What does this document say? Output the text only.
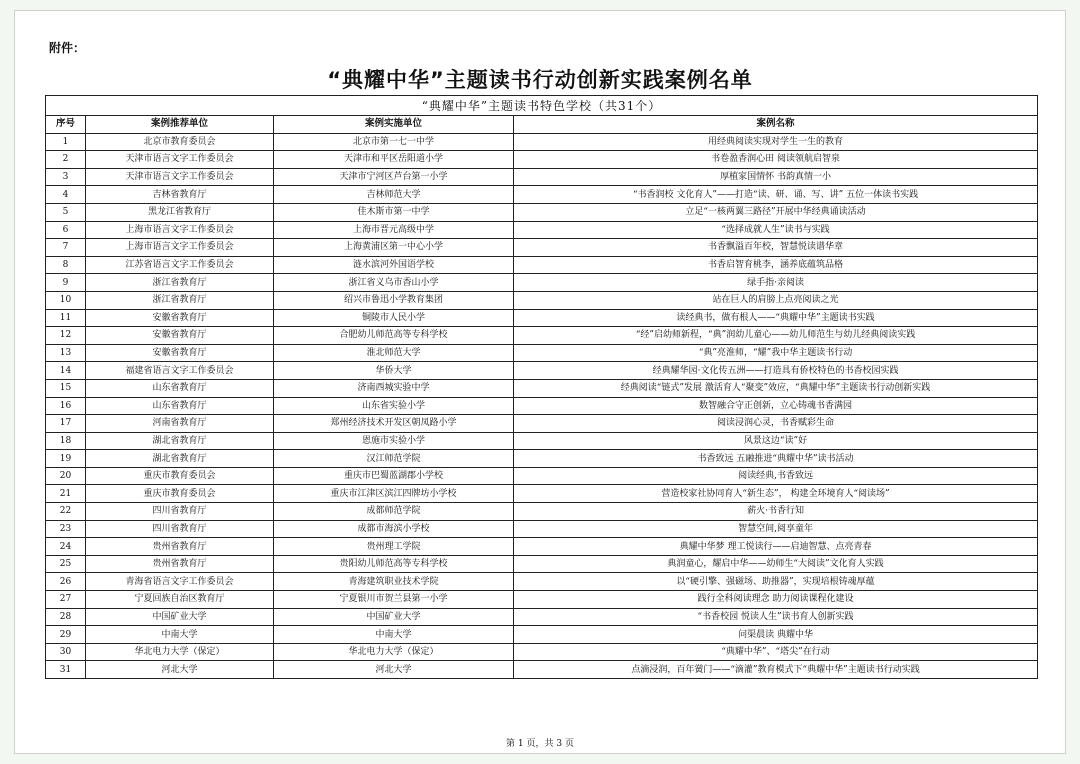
附件：
“典耀中华”主题读书行动创新实践案例名单
“典耀中华”主题读书特色学校（共31个）			
序号	案例推荐单位	案例实施单位	案例名称
1	北京市教育委员会	北京市第一七一中学	用经典阅读实现对学生一生的教育
2	天津市语言文字工作委员会	天津市和平区岳阳道小学	书卷盈香润心田 阅读领航启智泉
3	天津市语言文字工作委员会	天津市宁河区芦台第一小学	厚植家国情怀 书韵真情一小
4	吉林省教育厅	吉林师范大学	“书香润校 文化育人”——打造“读、研、诵、写、讲” 五位一体读书实践
5	黑龙江省教育厅	佳木斯市第一中学	立足“一核两翼三路径”开展中华经典诵读活动
6	上海市语言文字工作委员会	上海市晋元高级中学	“选择成就人生”读书与实践
7	上海市语言文字工作委员会	上海黄浦区第一中心小学	书香飘溢百年校，智慧悦读谱华章
8	江苏省语言文字工作委员会	涟水滨河外国语学校	书香启智育桃李，涵养底蕴筑品格
9	浙江省教育厅	浙江省义乌市香山小学	绿手指·亲阅读
10	浙江省教育厅	绍兴市鲁迅小学教育集团	站在巨人的肩膀上点亮阅读之光
11	安徽省教育厅	铜陵市人民小学	读经典书，做有根人——“典耀中华”主题读书实践
12	安徽省教育厅	合肥幼儿师范高等专科学校	“经”启幼师新程，“典”润幼儿童心——幼儿师范生与幼儿经典阅读实践
13	安徽省教育厅	淮北师范大学	“典”亮淮师，“耀”我中华主题读书行动
14	福建省语言文字工作委员会	华侨大学	经典耀华园·文化传五洲——打造具有侨校特色的书香校园实践
15	山东省教育厅	济南西城实验中学	经典阅读“链式”发展 激活育人“聚变”效应，“典耀中华”主题读书行动创新实践
16	山东省教育厅	山东省实验小学	数智融合守正创新，立心铸魂书香满园
17	河南省教育厅	郑州经济技术开发区朝凤路小学	阅读浸润心灵，书香赋彩生命
18	湖北省教育厅	恩施市实验小学	风景这边“读”好
19	湖北省教育厅	汉江师范学院	书香致远 五融推进“典耀中华”读书活动
20	重庆市教育委员会	重庆市巴蜀蓝湖郡小学校	阅读经典,书香致远
21	重庆市教育委员会	重庆市江津区滨江四牌坊小学校	营造校家社协同育人“新生态”， 构建全环境育人“阅读场”
22	四川省教育厅	成都师范学院	薪火·书香行知
23	四川省教育厅	成都市海滨小学校	智慧空间,阅享童年
24	贵州省教育厅	贵州理工学院	典耀中华梦 理工悦读行——启迪智慧、点亮青春
25	贵州省教育厅	贵阳幼儿师范高等专科学校	典润童心，耀启中华——幼师生“大阅读”文化育人实践
26	青海省语言文字工作委员会	青海建筑职业技术学院	以“硬引擎、强磁场、助推器”，实现培根铸魂厚蕴
27	宁夏回族自治区教育厅	宁夏银川市贺兰县第一小学	践行全科阅读理念 助力阅读课程化建设
28	中国矿业大学	中国矿业大学	“书香校园 悦读人生”读书育人创新实践
29	中南大学	中南大学	问渠晨读 典耀中华
30	华北电力大学（保定）	华北电力大学（保定）	“典耀中华”、“塔尖”在行动
31	河北大学	河北大学	点滴浸润，百年黉门——“滴灌”教育模式下“典耀中华”主题读书行动实践
第 1 页，共 3 页
